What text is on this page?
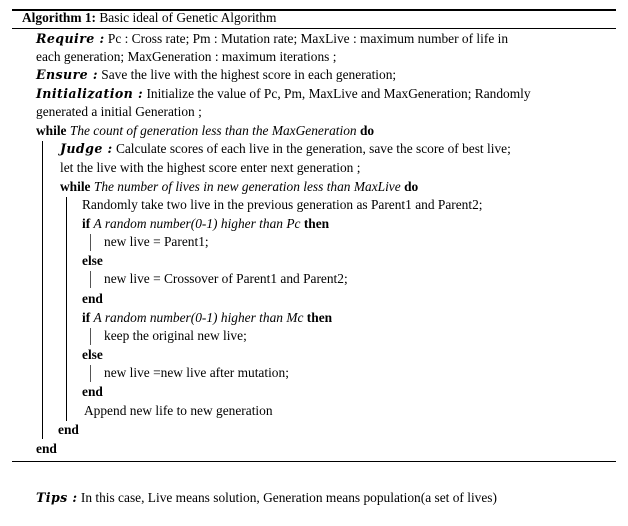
Algorithm 1: Basic ideal of Genetic Algorithm
Require : Pc : Cross rate; Pm : Mutation rate; MaxLive : maximum number of life in
each generation; MaxGeneration : maximum iterations ;
Ensure : Save the live with the highest score in each generation;
Initialization : Initialize the value of Pc, Pm, MaxLive and MaxGeneration; Randomly
generated a initial Generation ;
while The count of generation less than the MaxGeneration do
Judge : Calculate scores of each live in the generation, save the score of best live;
let the live with the highest score enter next generation ;
while The number of lives in new generation less than MaxLive do
Randomly take two live in the previous generation as Parent1 and Parent2;
if A random number(0-1) higher than Pc then
new live = Parent1;
else
new live = Crossover of Parent1 and Parent2;
end
if A random number(0-1) higher than Mc then
keep the original new live;
else
new live =new live after mutation;
end
Append new life to new generation
end
end
Tips : In this case, Live means solution, Generation means population(a set of lives)
